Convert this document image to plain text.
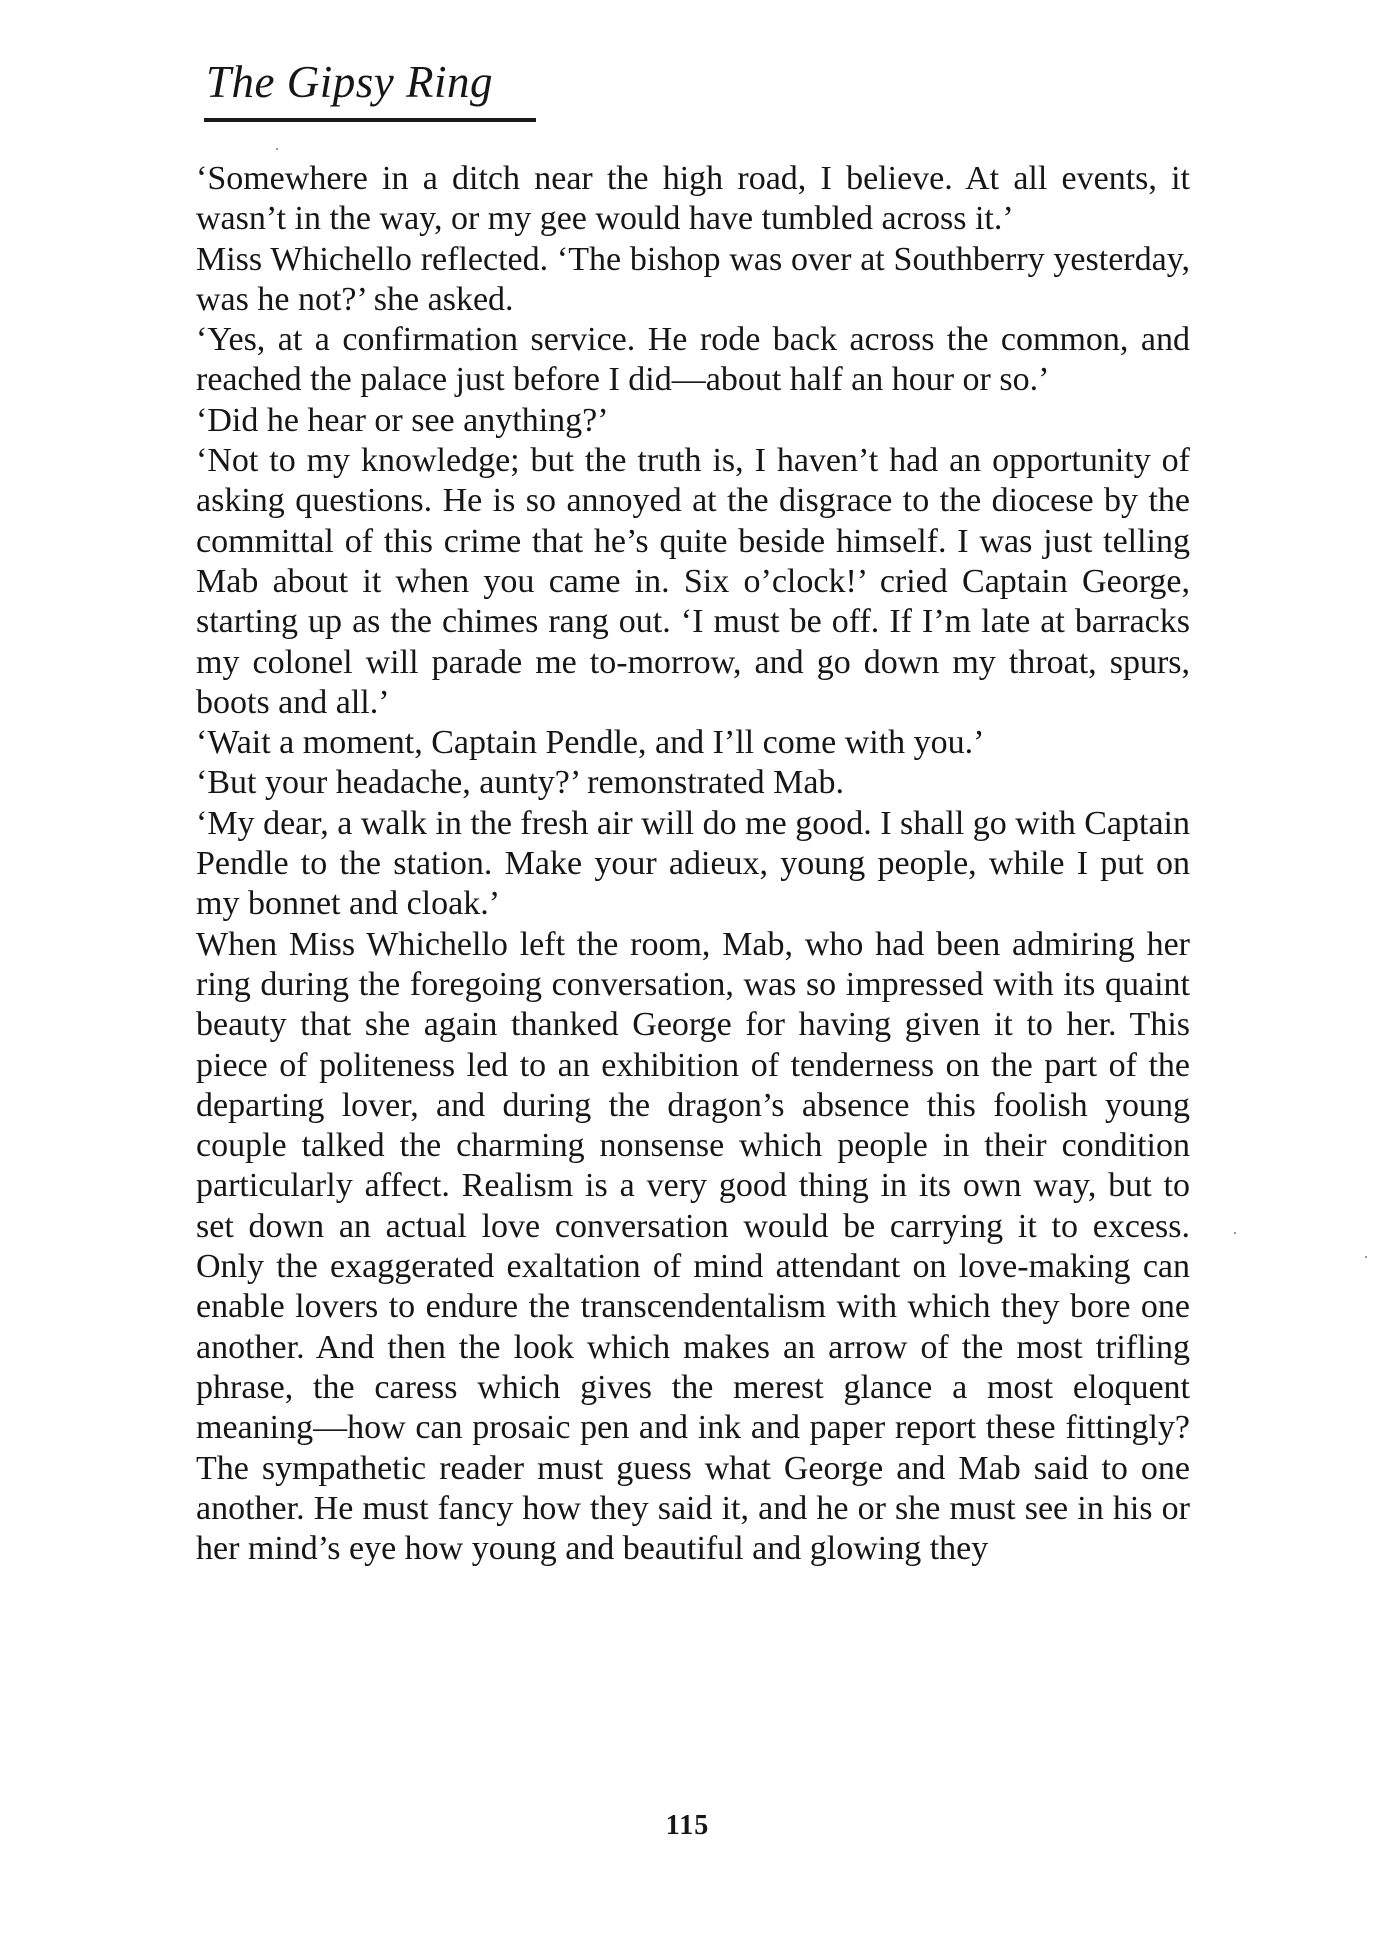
The Gipsy Ring

‘Somewhere in a ditch near the high road, I believe. At all events, it wasn’t in the way, or my gee would have tumbled across it.’

Miss Whichello reflected. ‘The bishop was over at Southberry yesterday, was he not?’ she asked.

‘Yes, at a confirmation service. He rode back across the common, and reached the palace just before I did—about half an hour or so.’

‘Did he hear or see anything?’

‘Not to my knowledge; but the truth is, I haven’t had an opportunity of asking questions. He is so annoyed at the disgrace to the diocese by the committal of this crime that he’s quite beside himself. I was just telling Mab about it when you came in. Six o’clock!’ cried Captain George, starting up as the chimes rang out. ‘I must be off. If I’m late at barracks my colonel will parade me to-morrow, and go down my throat, spurs, boots and all.’

‘Wait a moment, Captain Pendle, and I’ll come with you.’

‘But your headache, aunty?’ remonstrated Mab.

‘My dear, a walk in the fresh air will do me good. I shall go with Captain Pendle to the station. Make your adieux, young people, while I put on my bonnet and cloak.’

When Miss Whichello left the room, Mab, who had been admiring her ring during the foregoing conversation, was so impressed with its quaint beauty that she again thanked George for having given it to her. This piece of politeness led to an exhibition of tenderness on the part of the departing lover, and during the dragon’s absence this foolish young couple talked the charming nonsense which people in their condition particularly affect. Realism is a very good thing in its own way, but to set down an actual love conversation would be carrying it to excess. Only the exaggerated exaltation of mind attendant on love-making can enable lovers to endure the transcendentalism with which they bore one another. And then the look which makes an arrow of the most trifling phrase, the caress which gives the merest glance a most eloquent meaning—how can prosaic pen and ink and paper report these fittingly? The sympathetic reader must guess what George and Mab said to one another. He must fancy how they said it, and he or she must see in his or her mind’s eye how young and beautiful and glowing they

115
